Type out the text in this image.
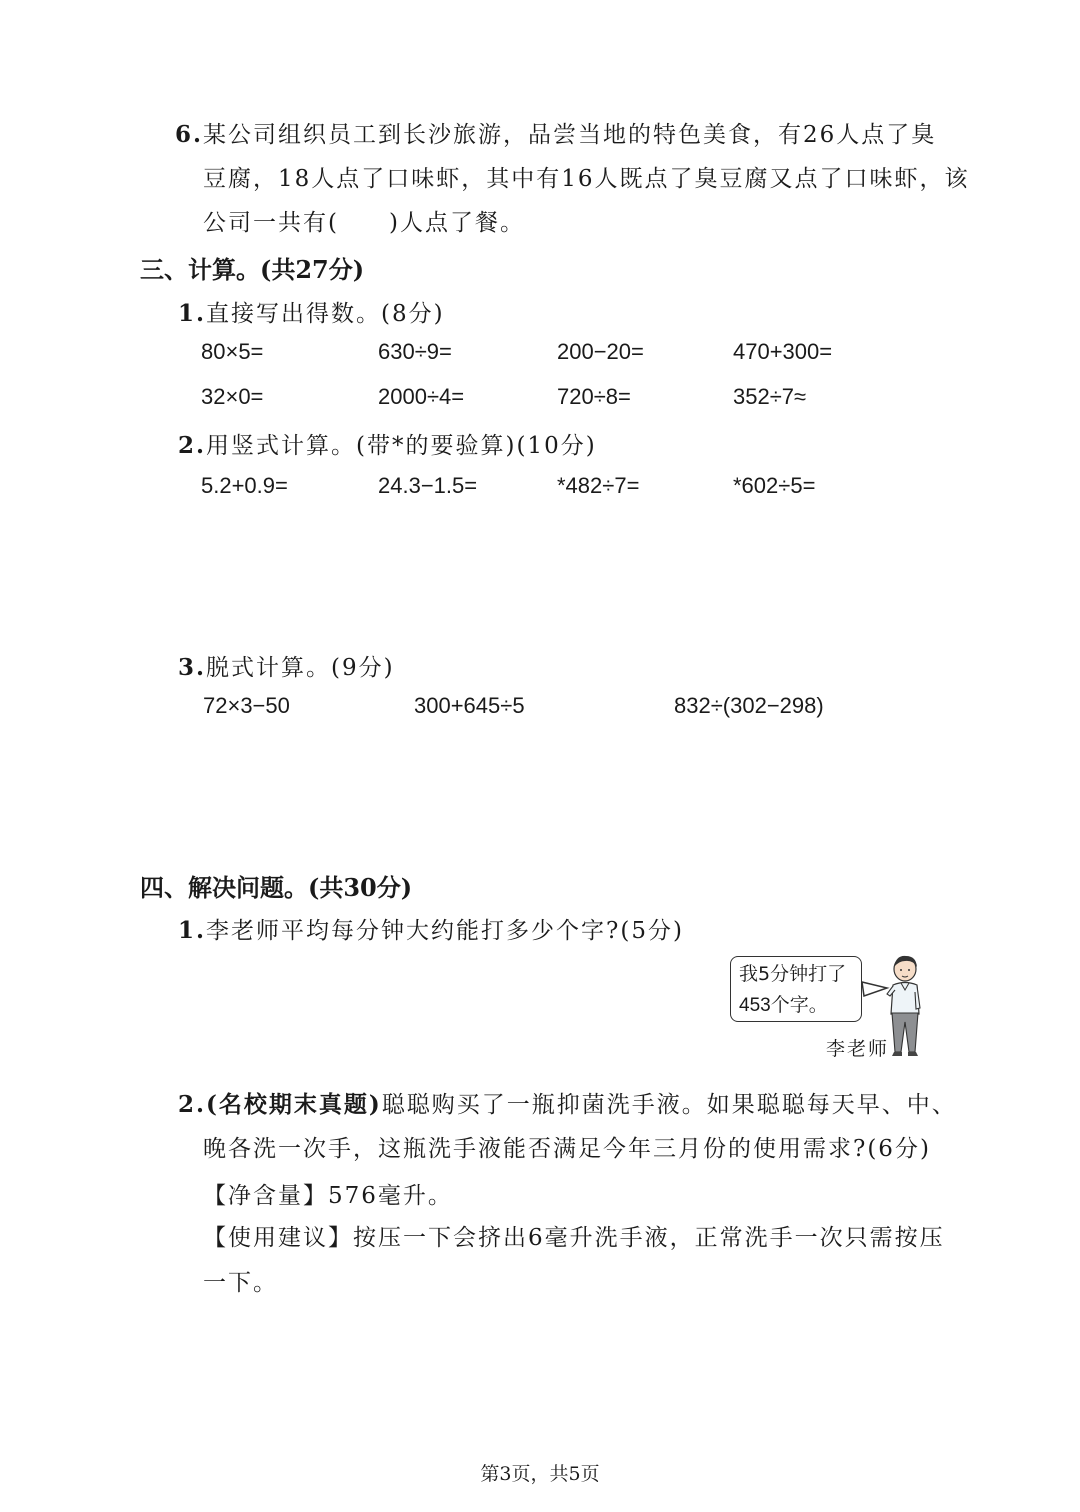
6.某公司组织员工到长沙旅游，品尝当地的特色美食，有26人点了臭
豆腐，18人点了口味虾，其中有16人既点了臭豆腐又点了口味虾，该
公司一共有(　　)人点了餐。
三、计算。(共27分)
1.直接写出得数。(8分)
80×5=	630÷9=	200−20=	470+300=
32×0=	2000÷4=	720÷8=	352÷7≈
2.用竖式计算。(带*的要验算)(10分)
5.2+0.9=	24.3−1.5=	*482÷7=	*602÷5=
3.脱式计算。(9分)
72×3−50	300+645÷5	832÷(302−298)
四、解决问题。(共30分)
1.李老师平均每分钟大约能打多少个字?(5分)
我5分钟打了
453个字。
李老师
2.(名校期末真题)聪聪购买了一瓶抑菌洗手液。如果聪聪每天早、中、
晚各洗一次手，这瓶洗手液能否满足今年三月份的使用需求?(6分)
【净含量】576毫升。
【使用建议】按压一下会挤出6毫升洗手液，正常洗手一次只需按压
一下。
第3页，共5页
